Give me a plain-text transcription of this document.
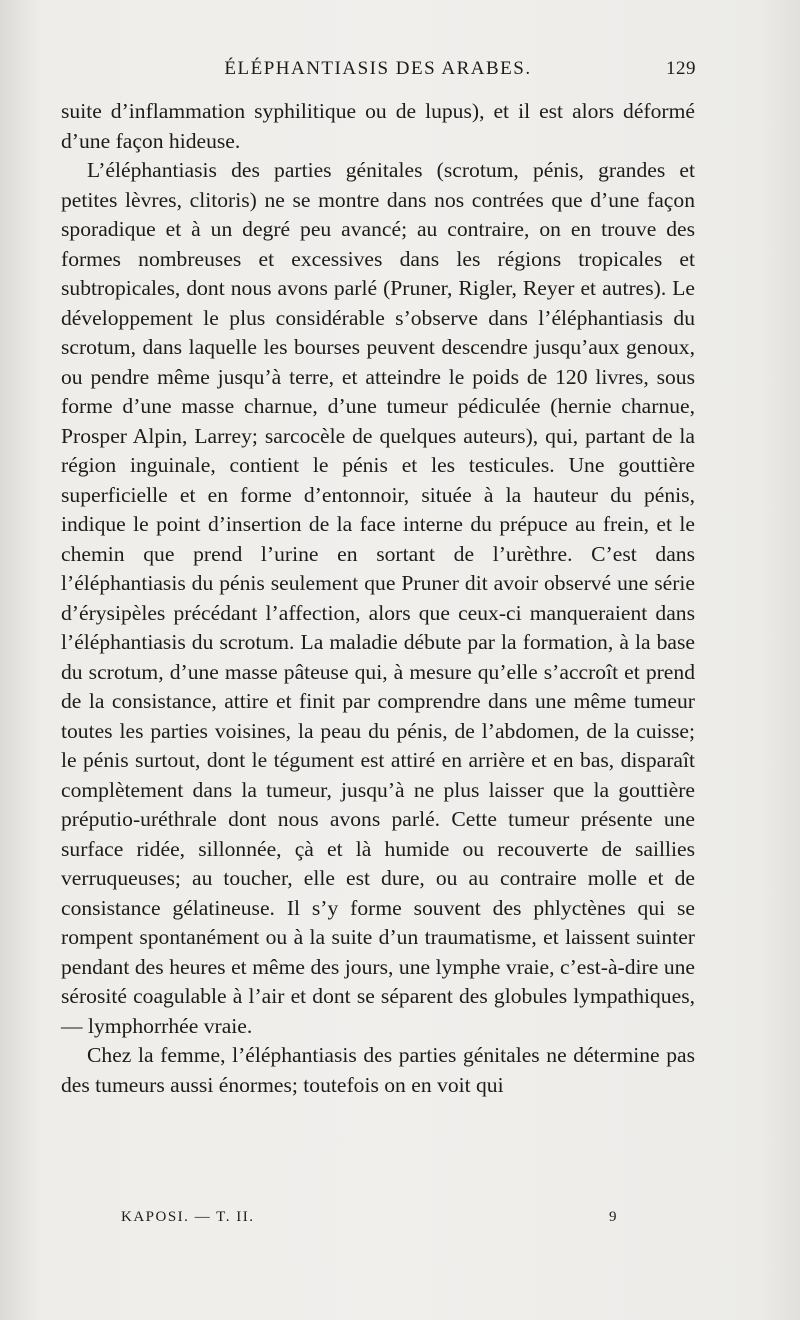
ÉLÉPHANTIASIS DES ARABES.	129

suite d’inflammation syphilitique ou de lupus), et il est alors déformé d’une façon hideuse.

L’éléphantiasis des parties génitales (scrotum, pénis, grandes et petites lèvres, clitoris) ne se montre dans nos contrées que d’une façon sporadique et à un degré peu avancé; au contraire, on en trouve des formes nombreuses et excessives dans les régions tropicales et subtropicales, dont nous avons parlé (Pruner, Rigler, Reyer et autres). Le développement le plus considérable s’observe dans l’éléphantiasis du scrotum, dans laquelle les bourses peuvent descendre jusqu’aux genoux, ou pendre même jusqu’à terre, et atteindre le poids de 120 livres, sous forme d’une masse charnue, d’une tumeur pédiculée (hernie charnue, Prosper Alpin, Larrey; sarcocèle de quelques auteurs), qui, partant de la région inguinale, contient le pénis et les testicules. Une gouttière superficielle et en forme d’entonnoir, située à la hauteur du pénis, indique le point d’insertion de la face interne du prépuce au frein, et le chemin que prend l’urine en sortant de l’urèthre. C’est dans l’éléphantiasis du pénis seulement que Pruner dit avoir observé une série d’érysipèles précédant l’affection, alors que ceux-ci manqueraient dans l’éléphantiasis du scrotum. La maladie débute par la formation, à la base du scrotum, d’une masse pâteuse qui, à mesure qu’elle s’accroît et prend de la consistance, attire et finit par comprendre dans une même tumeur toutes les parties voisines, la peau du pénis, de l’abdomen, de la cuisse; le pénis surtout, dont le tégument est attiré en arrière et en bas, disparaît complètement dans la tumeur, jusqu’à ne plus laisser que la gouttière préputio-uréthrale dont nous avons parlé. Cette tumeur présente une surface ridée, sillonnée, çà et là humide ou recouverte de saillies verruqueuses; au toucher, elle est dure, ou au contraire molle et de consistance gélatineuse. Il s’y forme souvent des phlyctènes qui se rompent spontanément ou à la suite d’un traumatisme, et laissent suinter pendant des heures et même des jours, une lymphe vraie, c’est-à-dire une sérosité coagulable à l’air et dont se séparent des globules lympathiques, — lymphorrhée vraie.

Chez la femme, l’éléphantiasis des parties génitales ne détermine pas des tumeurs aussi énormes; toutefois on en voit qui

KAPOSI. — T. II.	9
